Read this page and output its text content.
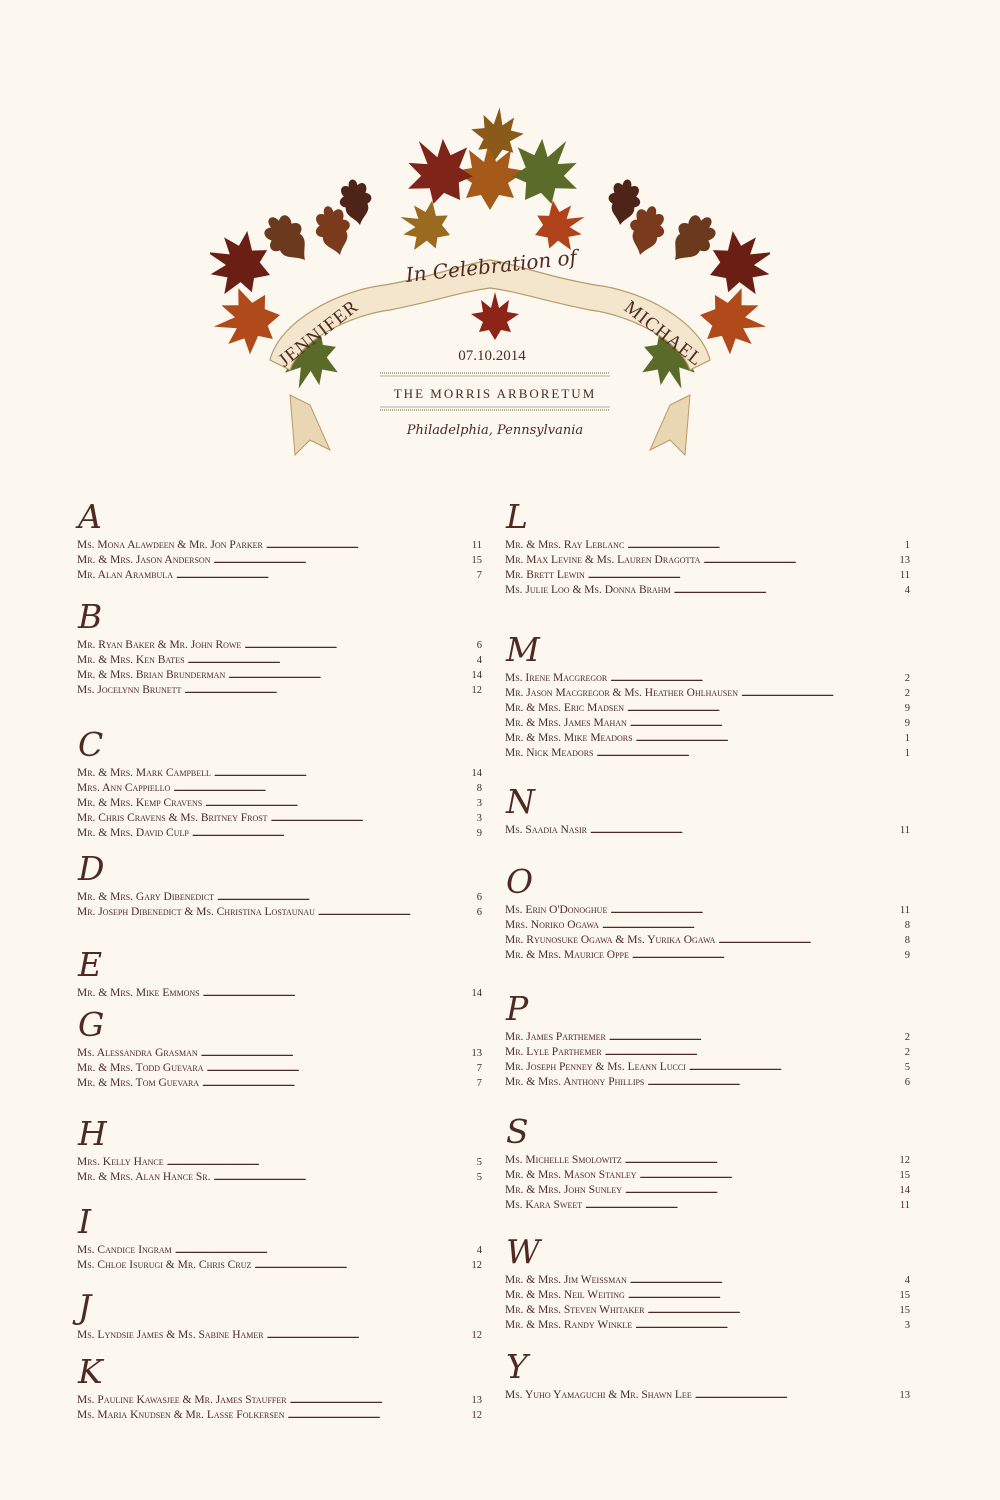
In Celebration of
JENNIFER	MICHAEL
07.10.2014
THE MORRIS ARBORETUM
Philadelphia, Pennsylvania
A
Ms. Mona Alawdeen & Mr. Jon Parker . . .	11
Mr. & Mrs. Jason Anderson . . .	15
Mr. Alan Arambula . . .	7
B
Mr. Ryan Baker & Mr. John Rowe . . .	6
Mr. & Mrs. Ken Bates . . .	4
Mr. & Mrs. Brian Brunderman . . .	14
Ms. Jocelynn Brunett . . .	12
C
Mr. & Mrs. Mark Campbell . . .	14
Mrs. Ann Cappiello . . .	8
Mr. & Mrs. Kemp Cravens . . .	3
Mr. Chris Cravens & Ms. Britney Frost . . .	3
Mr. & Mrs. David Culp . . .	9
D
Mr. & Mrs. Gary Dibenedict . . .	6
Mr. Joseph Dibenedict & Ms. Christina Lostaunau . . .	6
E
Mr. & Mrs. Mike Emmons . . .	14
G
Ms. Alessandra Grasman . . .	13
Mr. & Mrs. Todd Guevara . . .	7
Mr. & Mrs. Tom Guevara . . .	7
H
Mrs. Kelly Hance . . .	5
Mr. & Mrs. Alan Hance Sr. . . .	5
I
Ms. Candice Ingram . . .	4
Ms. Chloe Isurugi & Mr. Chris Cruz . . .	12
J
Ms. Lyndsie James & Ms. Sabine Hamer . . .	12
K
Ms. Pauline Kawasjee & Mr. James Stauffer . . .	13
Ms. Maria Knudsen & Mr. Lasse Folkersen . . .	12
L
Mr. & Mrs. Ray Leblanc . . .	1
Mr. Max Levine & Ms. Lauren Dragotta . . .	13
Mr. Brett Lewin . . .	11
Ms. Julie Loo & Ms. Donna Brahm . . .	4
M
Ms. Irene Macgregor . . .	2
Mr. Jason Macgregor & Ms. Heather Ohlhausen . . .	2
Mr. & Mrs. Eric Madsen . . .	9
Mr. & Mrs. James Mahan . . .	9
Mr. & Mrs. Mike Meadors . . .	1
Mr. Nick Meadors . . .	1
N
Ms. Saadia Nasir . . .	11
O
Ms. Erin O'Donoghue . . .	11
Mrs. Noriko Ogawa . . .	8
Mr. Ryunosuke Ogawa & Ms. Yurika Ogawa . . .	8
Mr. & Mrs. Maurice Oppe . . .	9
P
Mr. James Parthemer . . .	2
Mr. Lyle Parthemer . . .	2
Mr. Joseph Penney & Ms. Leann Lucci . . .	5
Mr. & Mrs. Anthony Phillips . . .	6
S
Ms. Michelle Smolowitz . . .	12
Mr. & Mrs. Mason Stanley . . .	15
Mr. & Mrs. John Sunley . . .	14
Ms. Kara Sweet . . .	11
W
Mr. & Mrs. Jim Weissman . . .	4
Mr. & Mrs. Neil Weiting . . .	15
Mr. & Mrs. Steven Whitaker . . .	15
Mr. & Mrs. Randy Winkle . . .	3
Y
Ms. Yuho Yamaguchi & Mr. Shawn Lee . . .	13
